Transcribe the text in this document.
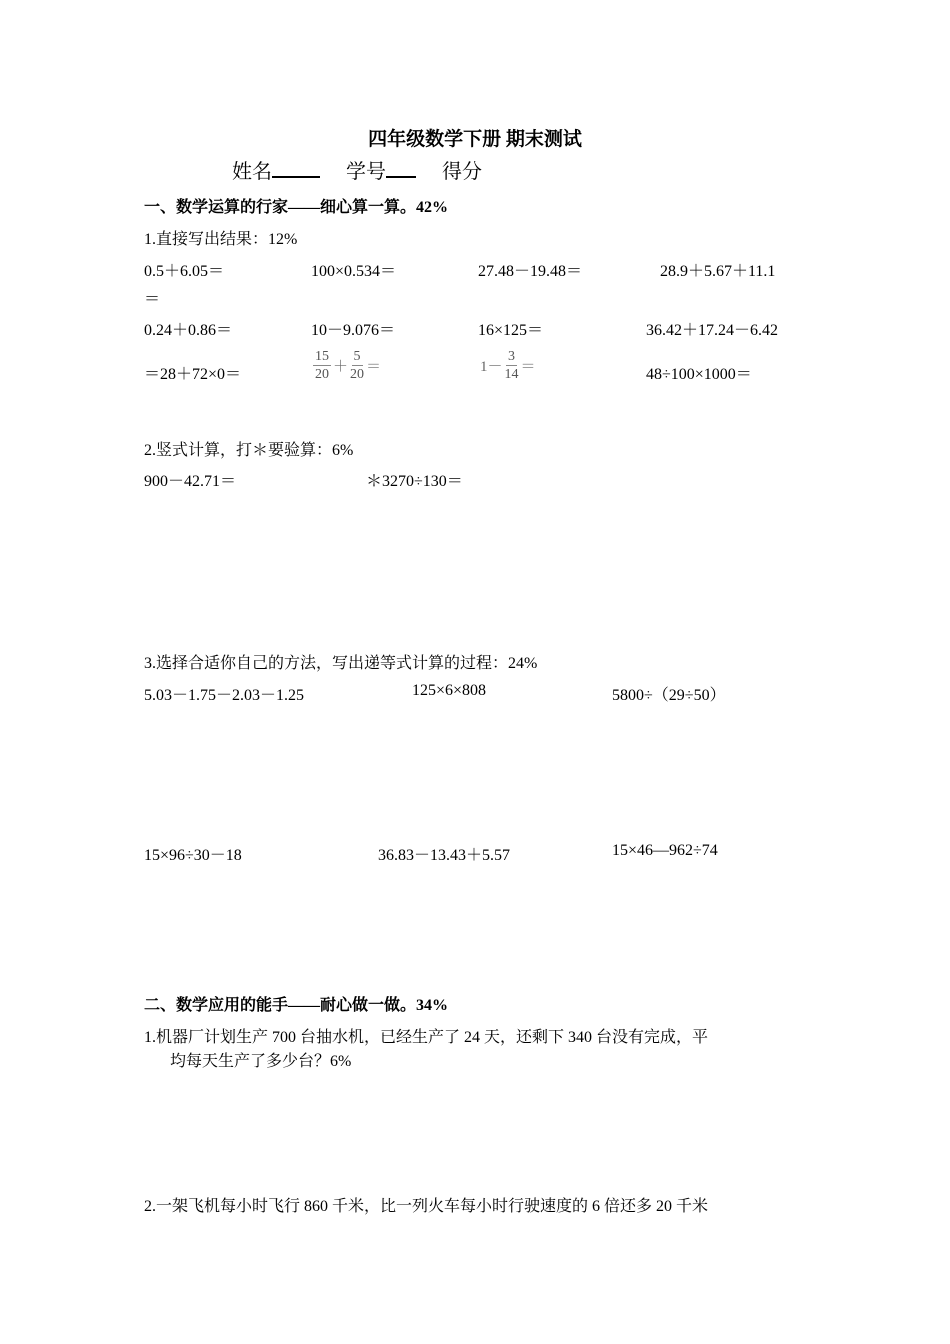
四年级数学下册 期末测试
姓名	学号	得分
一、数学运算的行家——细心算一算。42%
1.直接写出结果：12%
0.5＋6.05＝	100×0.534＝	27.48－19.48＝	28.9＋5.67＋11.1
＝
0.24＋0.86＝	10－9.076＝	16×125＝	36.42＋17.24－6.42
＝28＋72×0＝	$\frac{15}{20} + \frac{5}{20}$ ＝	$1- \frac{3}{14}$ ＝	48÷100×1000＝
2.竖式计算，打＊要验算：6%
900－42.71＝	＊3270÷130＝
3.选择合适你自己的方法，写出递等式计算的过程：24%
5.03－1.75－2.03－1.25	125×6×808	5800÷（29÷50）
15×96÷30－18	36.83－13.43＋5.57	15×46—962÷74
二、数学应用的能手——耐心做一做。34%
1.机器厂计划生产 700 台抽水机，已经生产了 24 天，还剩下 340 台没有完成，平
均每天生产了多少台？6%
2.一架飞机每小时飞行 860 千米，比一列火车每小时行驶速度的 6 倍还多 20 千米
